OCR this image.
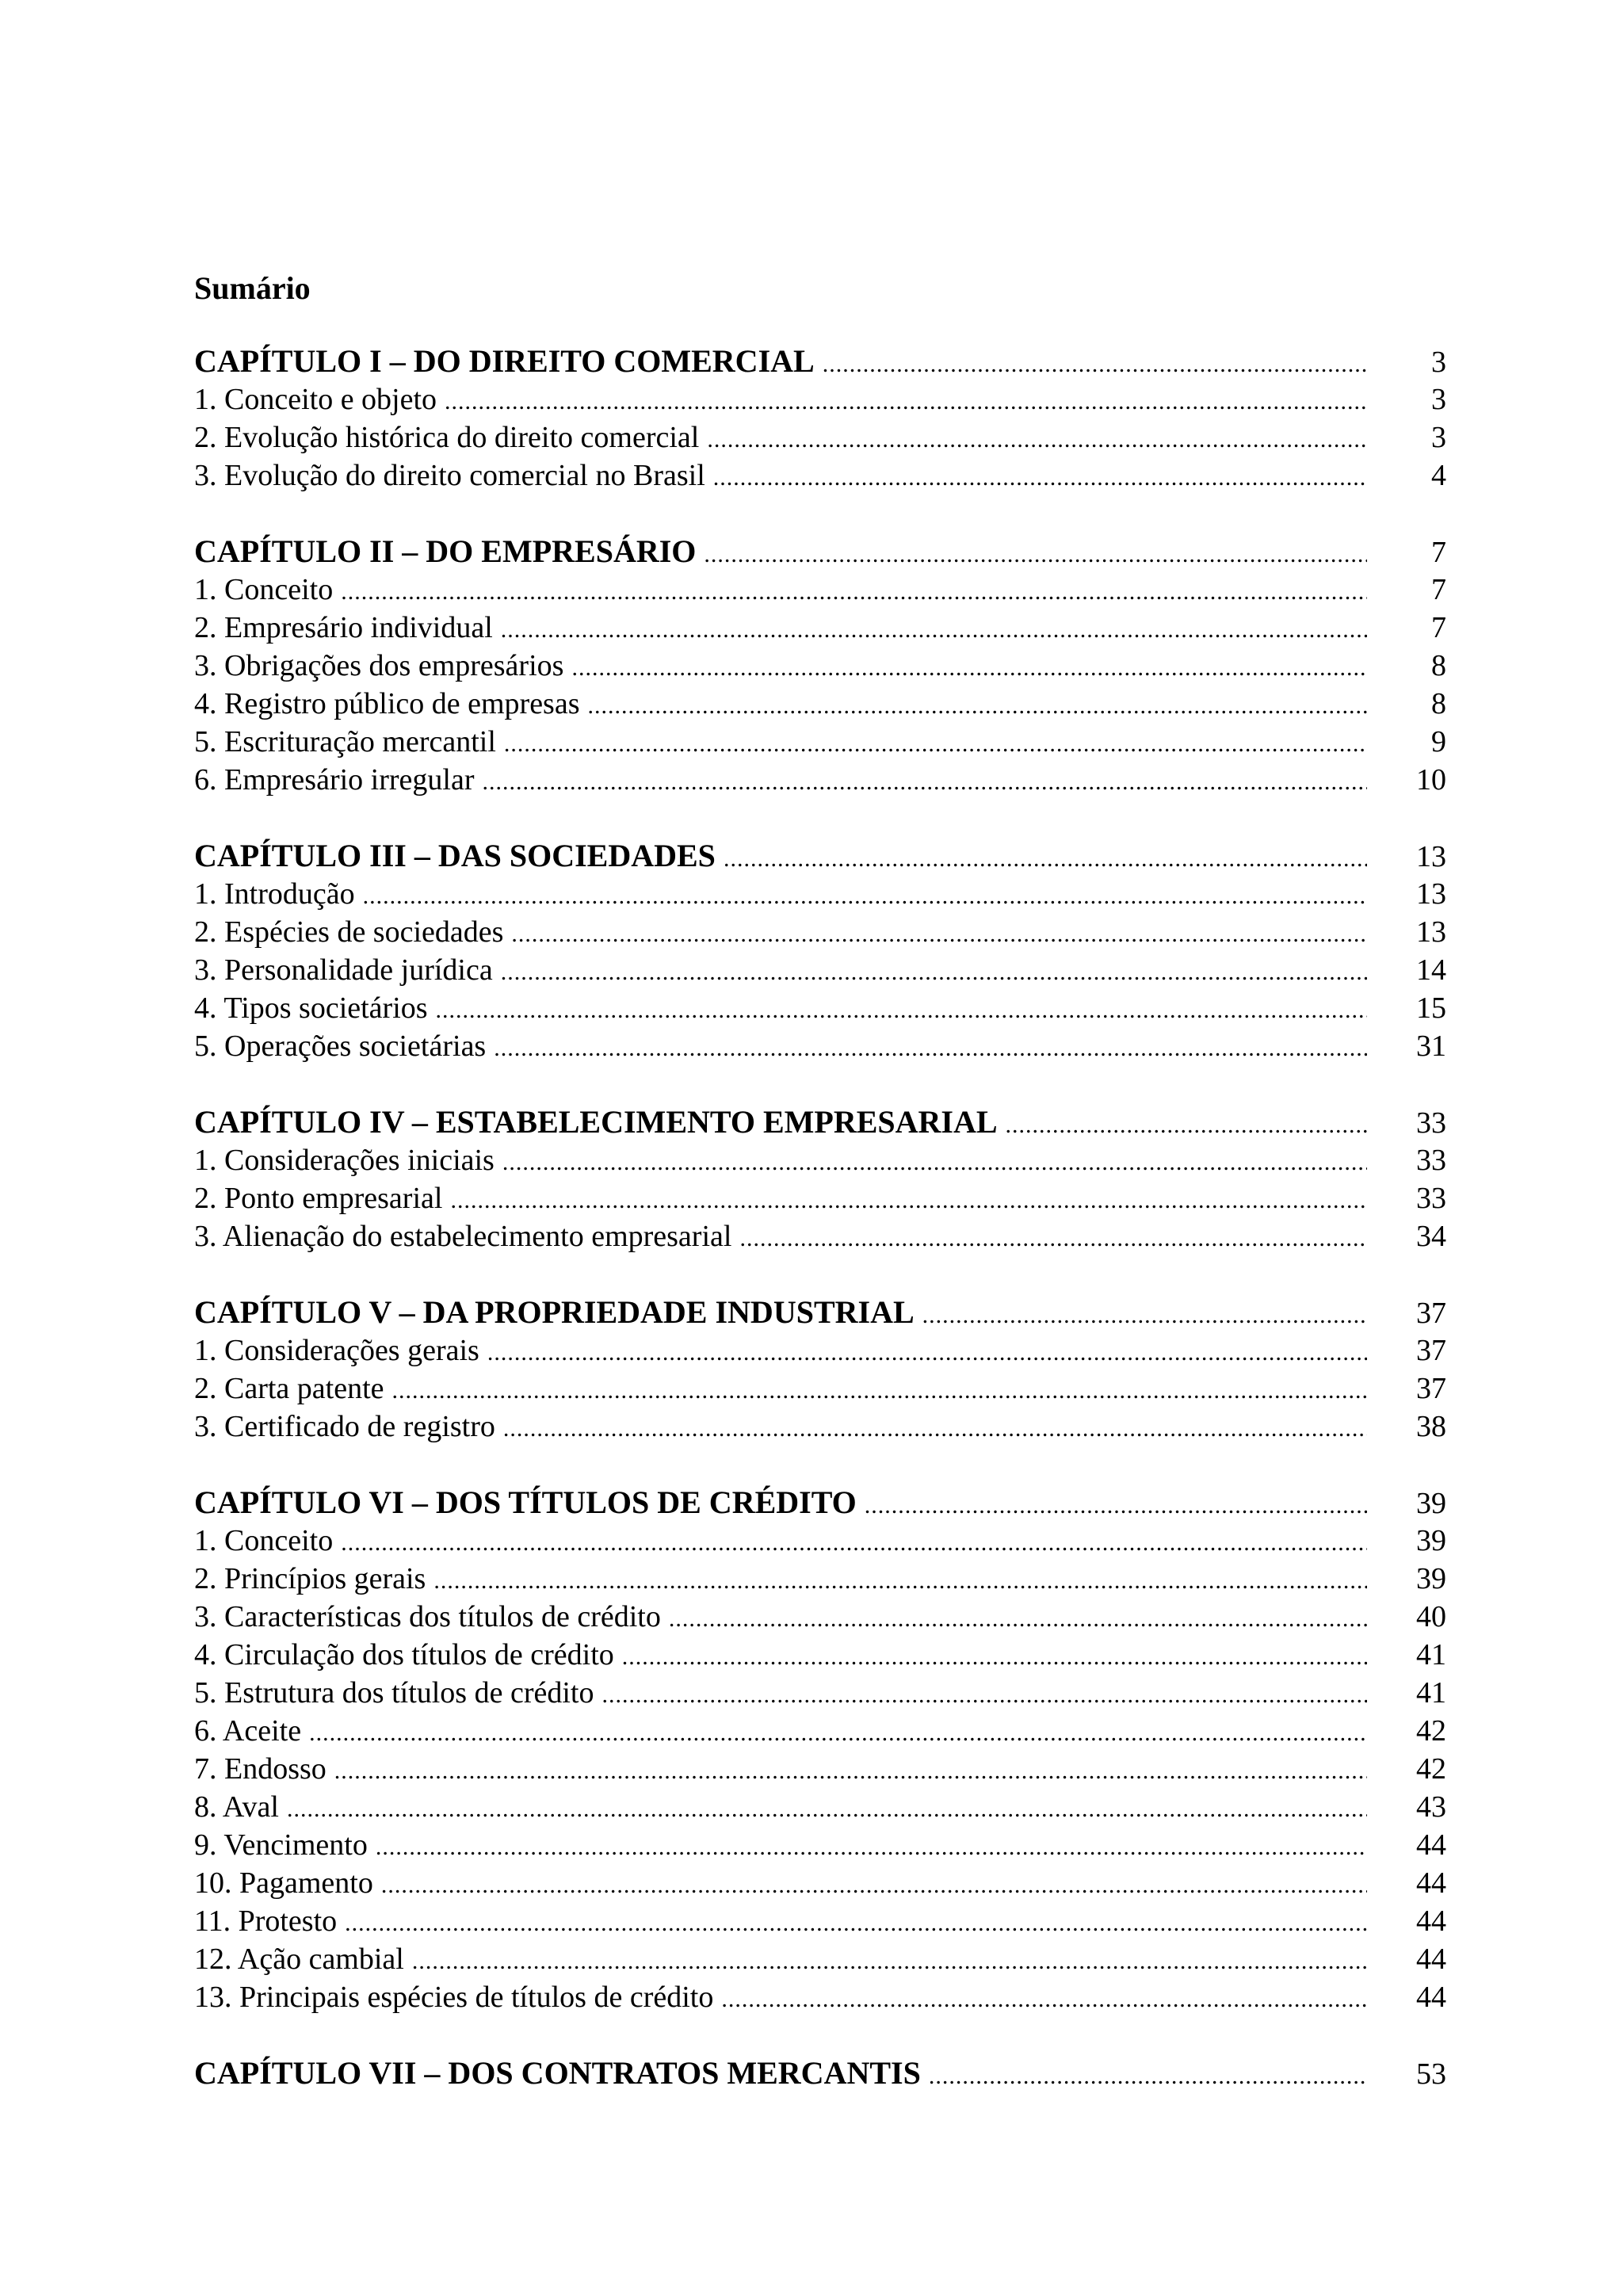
Sumário
CAPÍTULO I – DO DIREITO COMERCIAL .....	3
1. Conceito e objeto .....	3
2. Evolução histórica do direito comercial .....	3
3. Evolução do direito comercial no Brasil .....	4
CAPÍTULO II – DO EMPRESÁRIO .....	7
1. Conceito .....	7
2. Empresário individual .....	7
3. Obrigações dos empresários .....	8
4. Registro público de empresas .....	8
5. Escrituração mercantil .....	9
6. Empresário irregular .....	10
CAPÍTULO III – DAS SOCIEDADES .....	13
1. Introdução .....	13
2. Espécies de sociedades .....	13
3. Personalidade jurídica .....	14
4. Tipos societários .....	15
5. Operações societárias .....	31
CAPÍTULO IV – ESTABELECIMENTO EMPRESARIAL .....	33
1. Considerações iniciais .....	33
2. Ponto empresarial .....	33
3. Alienação do estabelecimento empresarial .....	34
CAPÍTULO V – DA PROPRIEDADE INDUSTRIAL .....	37
1. Considerações gerais .....	37
2. Carta patente .....	37
3. Certificado de registro .....	38
CAPÍTULO VI – DOS TÍTULOS DE CRÉDITO .....	39
1. Conceito .....	39
2. Princípios gerais .....	39
3. Características dos títulos de crédito .....	40
4. Circulação dos títulos de crédito .....	41
5. Estrutura dos títulos de crédito .....	41
6. Aceite .....	42
7. Endosso .....	42
8. Aval .....	43
9. Vencimento .....	44
10. Pagamento .....	44
11. Protesto .....	44
12. Ação cambial .....	44
13. Principais espécies de títulos de crédito .....	44
CAPÍTULO VII – DOS CONTRATOS MERCANTIS .....	53
